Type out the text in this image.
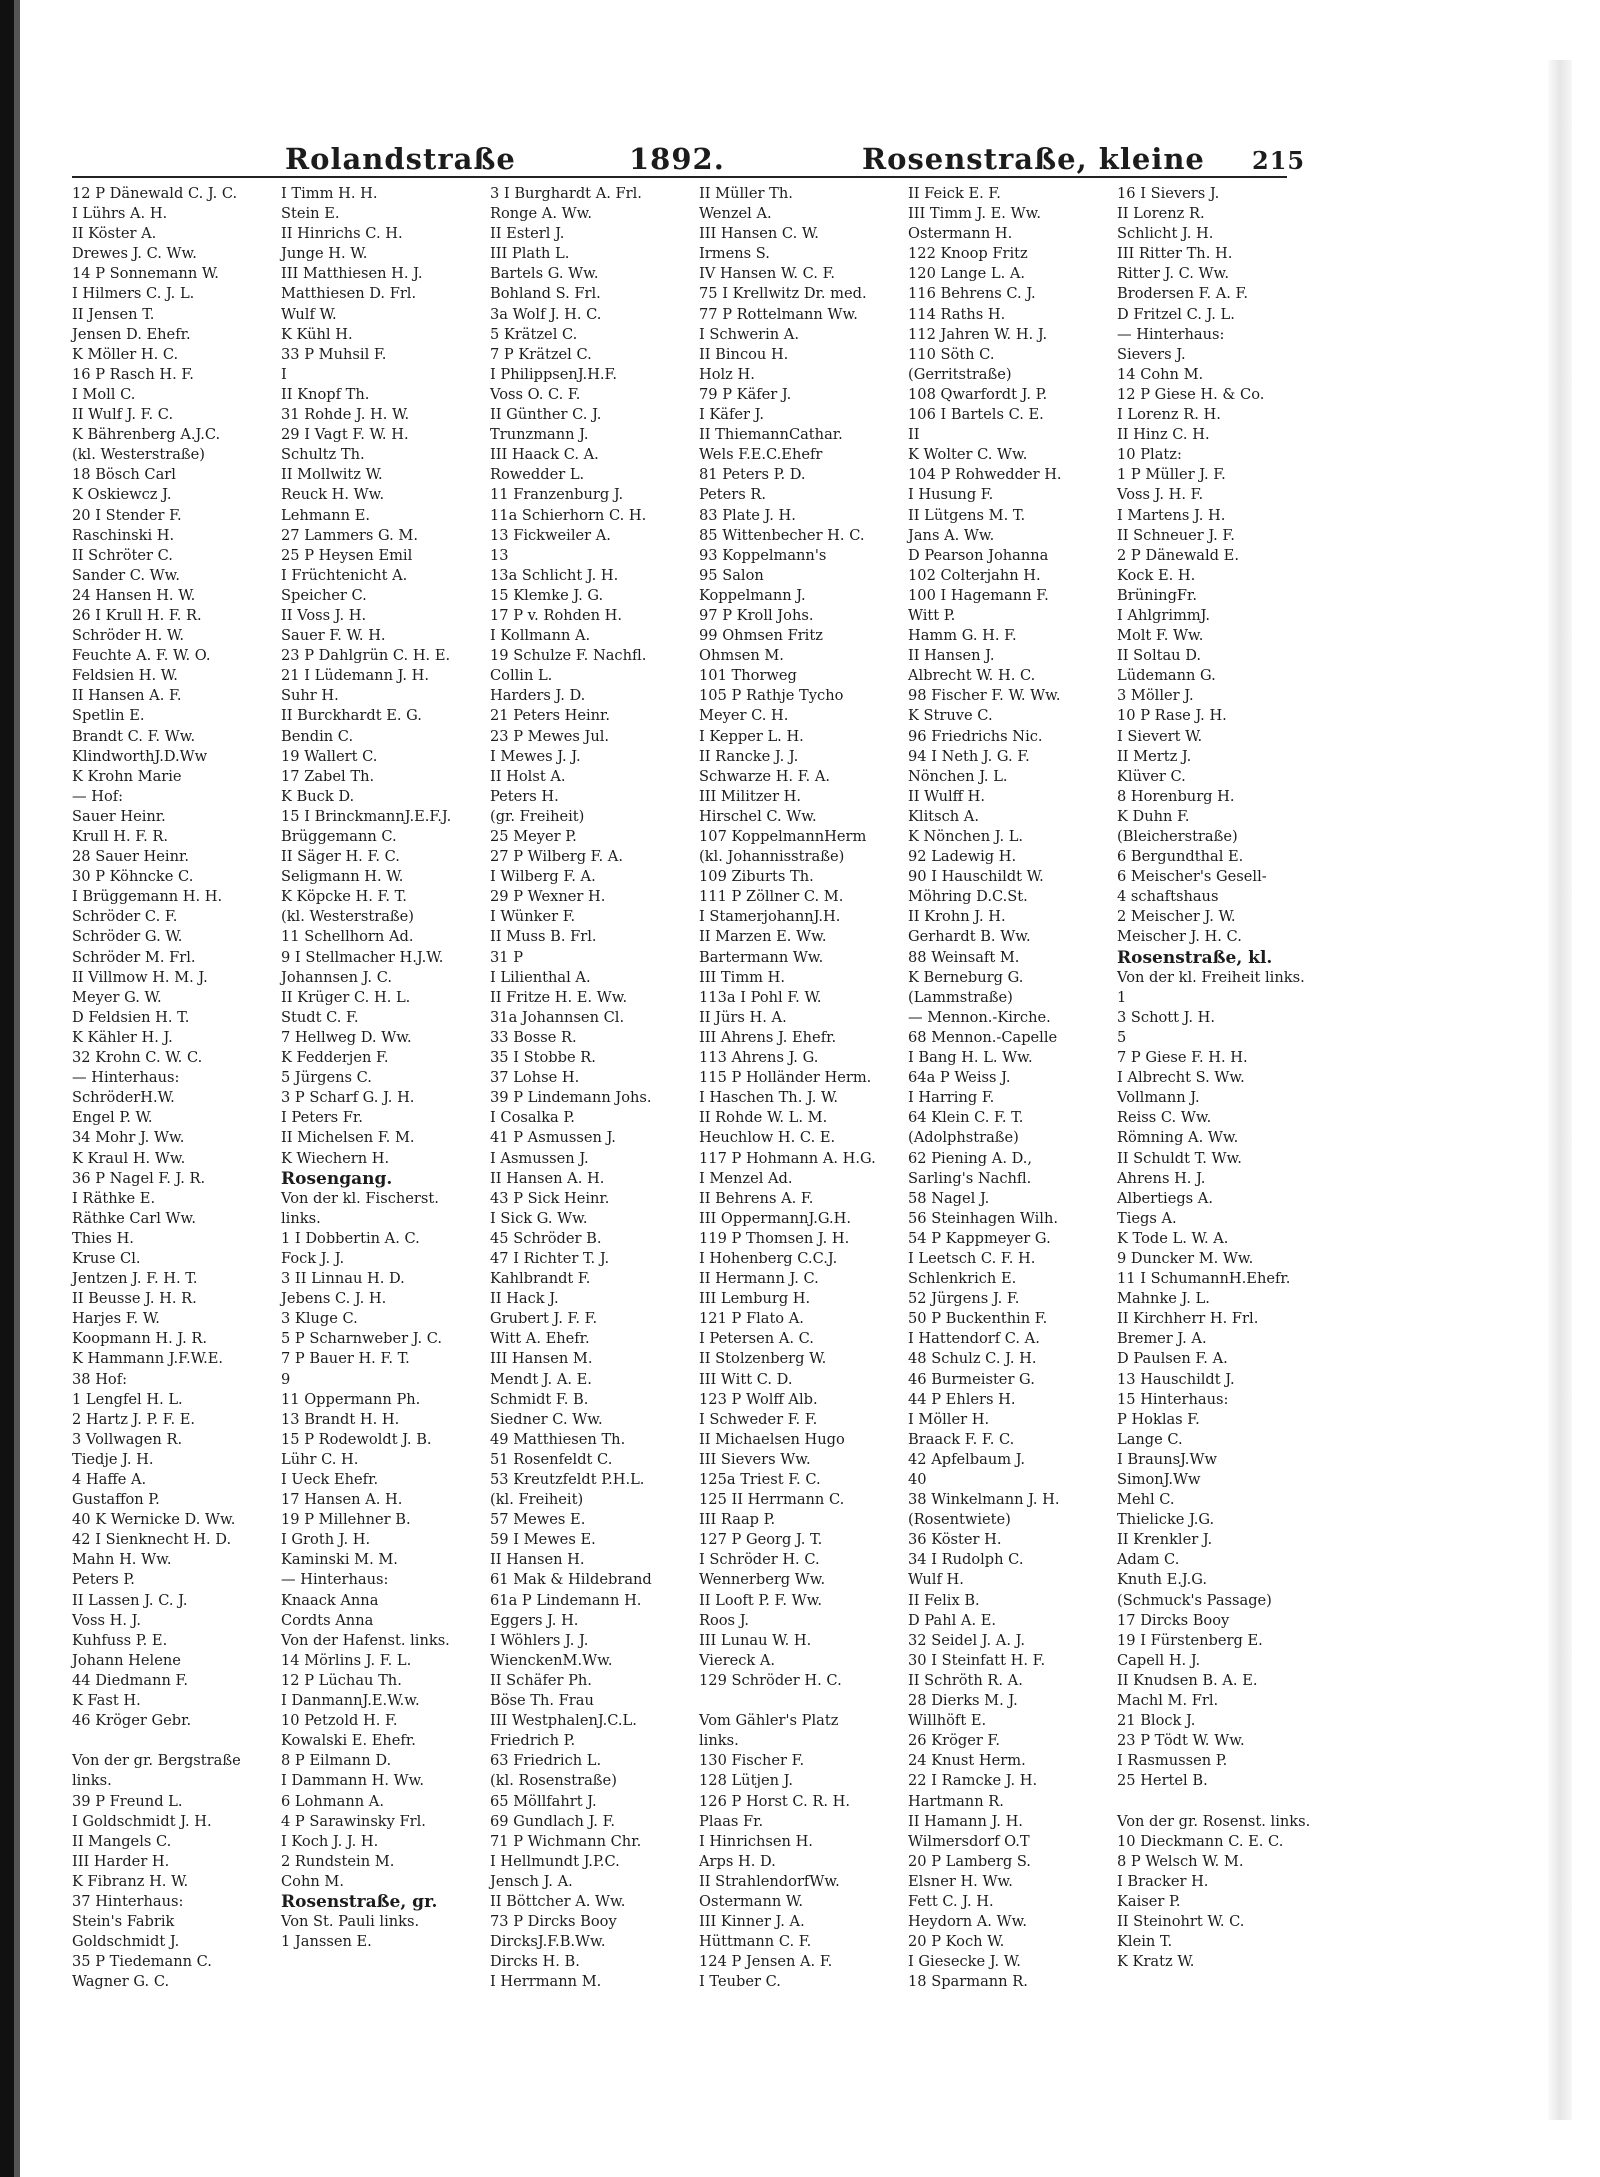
Rolandstraße	1892.	Rosenstraße, kleine 215
12 P Dänewald C. J. C.
I Lührs A. H.
II Köster A.
Drewes J. C. Ww.
14 P Sonnemann W.
I Hilmers C. J. L.
II Jensen T.
Jensen D. Ehefr.
K Möller H. C.
16 P Rasch H. F.
I Moll C.
II Wulf J. F. C.
K Bährenberg A.J.C.
(kl. Westerstraße)
18 Bösch Carl
K Oskiewcz J.
20 I Stender F.
Raschinski H.
II Schröter C.
Sander C. Ww.
24 Hansen H. W.
26 I Krull H. F. R.
Schröder H. W.
Feuchte A. F. W. O.
Feldsien H. W.
II Hansen A. F.
Spetlin E.
Brandt C. F. Ww.
KlindworthJ.D.Ww
K Krohn Marie
— Hof:
Sauer Heinr.
Krull H. F. R.
28 Sauer Heinr.
30 P Köhncke C.
I Brüggemann H. H.
Schröder C. F.
Schröder G. W.
Schröder M. Frl.
II Villmow H. M. J.
Meyer G. W.
D Feldsien H. T.
K Kähler H. J.
32 Krohn C. W. C.
— Hinterhaus:
SchröderH.W.
Engel P. W.
34 Mohr J. Ww.
K Kraul H. Ww.
36 P Nagel F. J. R.
I Räthke E.
Räthke Carl Ww.
Thies H.
Kruse Cl.
Jentzen J. F. H. T.
II Beusse J. H. R.
Harjes F. W.
Koopmann H. J. R.
K Hammann J.F.W.E.
38 Hof:
1 Lengfel H. L.
2 Hartz J. P. F. E.
3 Vollwagen R.
Tiedje J. H.
4 Haffe A.
Gustaffon P.
40 K Wernicke D. Ww.
42 I Sienknecht H. D.
Mahn H. Ww.
Peters P.
II Lassen J. C. J.
Voss H. J.
Kuhfuss P. E.
Johann Helene
44 Diedmann F.
K Fast H.
46 Kröger Gebr.
Von der gr. Bergstraße
links.
39 P Freund L.
I Goldschmidt J. H.
II Mangels C.
III Harder H.
K Fibranz H. W.
37 Hinterhaus:
Stein's Fabrik
Goldschmidt J.
35 P Tiedemann C.
Wagner G. C.
I Timm H. H.
Stein E.
II Hinrichs C. H.
Junge H. W.
III Matthiesen H. J.
Matthiesen D. Frl.
Wulf W.
K Kühl H.
33 P Muhsil F.
I
II Knopf Th.
31 Rohde J. H. W.
29 I Vagt F. W. H.
Schultz Th.
II Mollwitz W.
Reuck H. Ww.
Lehmann E.
27 Lammers G. M.
25 P Heysen Emil
I Früchtenicht A.
Speicher C.
II Voss J. H.
Sauer F. W. H.
23 P Dahlgrün C. H. E.
21 I Lüdemann J. H.
Suhr H.
II Burckhardt E. G.
Bendin C.
19 Wallert C.
17 Zabel Th.
K Buck D.
15 I BrinckmannJ.E.F.J.
Brüggemann C.
II Säger H. F. C.
Seligmann H. W.
K Köpcke H. F. T.
(kl. Westerstraße)
11 Schellhorn Ad.
9 I Stellmacher H.J.W.
Johannsen J. C.
II Krüger C. H. L.
Studt C. F.
7 Hellweg D. Ww.
K Fedderjen F.
5 Jürgens C.
3 P Scharf G. J. H.
I Peters Fr.
II Michelsen F. M.
K Wiechern H.
Rosengang.
Von der kl. Fischerst.
links.
1 I Dobbertin A. C.
Fock J. J.
3 II Linnau H. D.
Jebens C. J. H.
3 Kluge C.
5 P Scharnweber J. C.
7 P Bauer H. F. T.
9
11 Oppermann Ph.
13 Brandt H. H.
15 P Rodewoldt J. B.
Lühr C. H.
I Ueck Ehefr.
17 Hansen A. H.
19 P Millehner B.
I Groth J. H.
Kaminski M. M.
— Hinterhaus:
Knaack Anna
Cordts Anna
Von der Hafenst. links.
14 Mörlins J. F. L.
12 P Lüchau Th.
I DanmannJ.E.W.w.
10 Petzold H. F.
Kowalski E. Ehefr.
8 P Eilmann D.
I Dammann H. Ww.
6 Lohmann A.
4 P Sarawinsky Frl.
I Koch J. J. H.
2 Rundstein M.
Cohn M.
Rosenstraße, gr.
Von St. Pauli links.
1 Janssen E.
3 I Burghardt A. Frl.
Ronge A. Ww.
II Esterl J.
III Plath L.
Bartels G. Ww.
Bohland S. Frl.
3a Wolf J. H. C.
5 Krätzel C.
7 P Krätzel C.
I PhilippsenJ.H.F.
Voss O. C. F.
II Günther C. J.
Trunzmann J.
III Haack C. A.
Rowedder L.
11 Franzenburg J.
11a Schierhorn C. H.
13 Fickweiler A.
13
13a Schlicht J. H.
15 Klemke J. G.
17 P v. Rohden H.
I Kollmann A.
19 Schulze F. Nachfl.
Collin L.
Harders J. D.
21 Peters Heinr.
23 P Mewes Jul.
I Mewes J. J.
II Holst A.
Peters H.
(gr. Freiheit)
25 Meyer P.
27 P Wilberg F. A.
I Wilberg F. A.
29 P Wexner H.
I Wünker F.
II Muss B. Frl.
31 P
I Lilienthal A.
II Fritze H. E. Ww.
31a Johannsen Cl.
33 Bosse R.
35 I Stobbe R.
37 Lohse H.
39 P Lindemann Johs.
I Cosalka P.
41 P Asmussen J.
I Asmussen J.
II Hansen A. H.
43 P Sick Heinr.
I Sick G. Ww.
45 Schröder B.
47 I Richter T. J.
Kahlbrandt F.
II Hack J.
Grubert J. F. F.
Witt A. Ehefr.
III Hansen M.
Mendt J. A. E.
Schmidt F. B.
Siedner C. Ww.
49 Matthiesen Th.
51 Rosenfeldt C.
53 Kreutzfeldt P.H.L.
(kl. Freiheit)
57 Mewes E.
59 I Mewes E.
II Hansen H.
61 Mak & Hildebrand
61a P Lindemann H.
Eggers J. H.
I Wöhlers J. J.
WienckenM.Ww.
II Schäfer Ph.
Böse Th. Frau
III WestphalenJ.C.L.
Friedrich P.
63 Friedrich L.
(kl. Rosenstraße)
65 Möllfahrt J.
69 Gundlach J. F.
71 P Wichmann Chr.
I Hellmundt J.P.C.
Jensch J. A.
II Böttcher A. Ww.
73 P Dircks Booy
DircksJ.F.B.Ww.
Dircks H. B.
I Herrmann M.
II Müller Th.
Wenzel A.
III Hansen C. W.
Irmens S.
IV Hansen W. C. F.
75 I Krellwitz Dr. med.
77 P Rottelmann Ww.
I Schwerin A.
II Bincou H.
Holz H.
79 P Käfer J.
I Käfer J.
II ThiemannCathar.
Wels F.E.C.Ehefr
81 Peters P. D.
Peters R.
83 Plate J. H.
85 Wittenbecher H. C.
93 Koppelmann's
95 Salon
Koppelmann J.
97 P Kroll Johs.
99 Ohmsen Fritz
Ohmsen M.
101 Thorweg
105 P Rathje Tycho
Meyer C. H.
I Kepper L. H.
II Rancke J. J.
Schwarze H. F. A.
III Militzer H.
Hirschel C. Ww.
107 KoppelmannHerm
(kl. Johannisstraße)
109 Ziburts Th.
111 P Zöllner C. M.
I StamerjohannJ.H.
II Marzen E. Ww.
Bartermann Ww.
III Timm H.
113a I Pohl F. W.
II Jürs H. A.
III Ahrens J. Ehefr.
113 Ahrens J. G.
115 P Holländer Herm.
I Haschen Th. J. W.
II Rohde W. L. M.
Heuchlow H. C. E.
117 P Hohmann A. H.G.
I Menzel Ad.
II Behrens A. F.
III OppermannJ.G.H.
119 P Thomsen J. H.
I Hohenberg C.C.J.
II Hermann J. C.
III Lemburg H.
121 P Flato A.
I Petersen A. C.
II Stolzenberg W.
III Witt C. D.
123 P Wolff Alb.
I Schweder F. F.
II Michaelsen Hugo
III Sievers Ww.
125a Triest F. C.
125 II Herrmann C.
III Raap P.
127 P Georg J. T.
I Schröder H. C.
Wennerberg Ww.
II Looft P. F. Ww.
Roos J.
III Lunau W. H.
Viereck A.
129 Schröder H. C.
Vom Gähler's Platz
links.
130 Fischer F.
128 Lütjen J.
126 P Horst C. R. H.
Plaas Fr.
I Hinrichsen H.
Arps H. D.
II StrahlendorfWw.
Ostermann W.
III Kinner J. A.
Hüttmann C. F.
124 P Jensen A. F.
I Teuber C.
II Feick E. F.
III Timm J. E. Ww.
Ostermann H.
122 Knoop Fritz
120 Lange L. A.
116 Behrens C. J.
114 Raths H.
112 Jahren W. H. J.
110 Söth C.
(Gerritstraße)
108 Qwarfordt J. P.
106 I Bartels C. E.
II
K Wolter C. Ww.
104 P Rohwedder H.
I Husung F.
II Lütgens M. T.
Jans A. Ww.
D Pearson Johanna
102 Colterjahn H.
100 I Hagemann F.
Witt P.
Hamm G. H. F.
II Hansen J.
Albrecht W. H. C.
98 Fischer F. W. Ww.
K Struve C.
96 Friedrichs Nic.
94 I Neth J. G. F.
Nönchen J. L.
II Wulff H.
Klitsch A.
K Nönchen J. L.
92 Ladewig H.
90 I Hauschildt W.
Möhring D.C.St.
II Krohn J. H.
Gerhardt B. Ww.
88 Weinsaft M.
K Berneburg G.
(Lammstraße)
— Mennon.-Kirche.
68 Mennon.-Capelle
I Bang H. L. Ww.
64a P Weiss J.
I Harring F.
64 Klein C. F. T.
(Adolphstraße)
62 Piening A. D.,
Sarling's Nachfl.
58 Nagel J.
56 Steinhagen Wilh.
54 P Kappmeyer G.
I Leetsch C. F. H.
Schlenkrich E.
52 Jürgens J. F.
50 P Buckenthin F.
I Hattendorf C. A.
48 Schulz C. J. H.
46 Burmeister G.
44 P Ehlers H.
I Möller H.
Braack F. F. C.
42 Apfelbaum J.
40
38 Winkelmann J. H.
(Rosentwiete)
36 Köster H.
34 I Rudolph C.
Wulf H.
II Felix B.
D Pahl A. E.
32 Seidel J. A. J.
30 I Steinfatt H. F.
II Schröth R. A.
28 Dierks M. J.
Willhöft E.
26 Kröger F.
24 Knust Herm.
22 I Ramcke J. H.
Hartmann R.
II Hamann J. H.
Wilmersdorf O.T
20 P Lamberg S.
Elsner H. Ww.
Fett C. J. H.
Heydorn A. Ww.
20 P Koch W.
I Giesecke J. W.
18 Sparmann R.
16 I Sievers J.
II Lorenz R.
Schlicht J. H.
III Ritter Th. H.
Ritter J. C. Ww.
Brodersen F. A. F.
D Fritzel C. J. L.
— Hinterhaus:
Sievers J.
14 Cohn M.
12 P Giese H. & Co.
I Lorenz R. H.
II Hinz C. H.
10 Platz:
1 P Müller J. F.
Voss J. H. F.
I Martens J. H.
II Schneuer J. F.
2 P Dänewald E.
Kock E. H.
BrüningFr.
I AhlgrimmJ.
Molt F. Ww.
II Soltau D.
Lüdemann G.
3 Möller J.
10 P Rase J. H.
I Sievert W.
II Mertz J.
Klüver C.
8 Horenburg H.
K Duhn F.
(Bleicherstraße)
6 Bergundthal E.
6 Meischer's Gesell-
4 schaftshaus
2 Meischer J. W.
Meischer J. H. C.
Rosenstraße, kl.
Von der kl. Freiheit links.
1
3 Schott J. H.
5
7 P Giese F. H. H.
I Albrecht S. Ww.
Vollmann J.
Reiss C. Ww.
Römning A. Ww.
II Schuldt T. Ww.
Ahrens H. J.
Albertiegs A.
Tiegs A.
K Tode L. W. A.
9 Duncker M. Ww.
11 I SchumannH.Ehefr.
Mahnke J. L.
II Kirchherr H. Frl.
Bremer J. A.
D Paulsen F. A.
13 Hauschildt J.
15 Hinterhaus:
P Hoklas F.
Lange C.
I BraunsJ.Ww
SimonJ.Ww
Mehl C.
Thielicke J.G.
II Krenkler J.
Adam C.
Knuth E.J.G.
(Schmuck's Passage)
17 Dircks Booy
19 I Fürstenberg E.
Capell H. J.
II Knudsen B. A. E.
Machl M. Frl.
21 Block J.
23 P Tödt W. Ww.
I Rasmussen P.
25 Hertel B.
Von der gr. Rosenst. links.
10 Dieckmann C. E. C.
8 P Welsch W. M.
I Bracker H.
Kaiser P.
II Steinohrt W. C.
Klein T.
K Kratz W.
